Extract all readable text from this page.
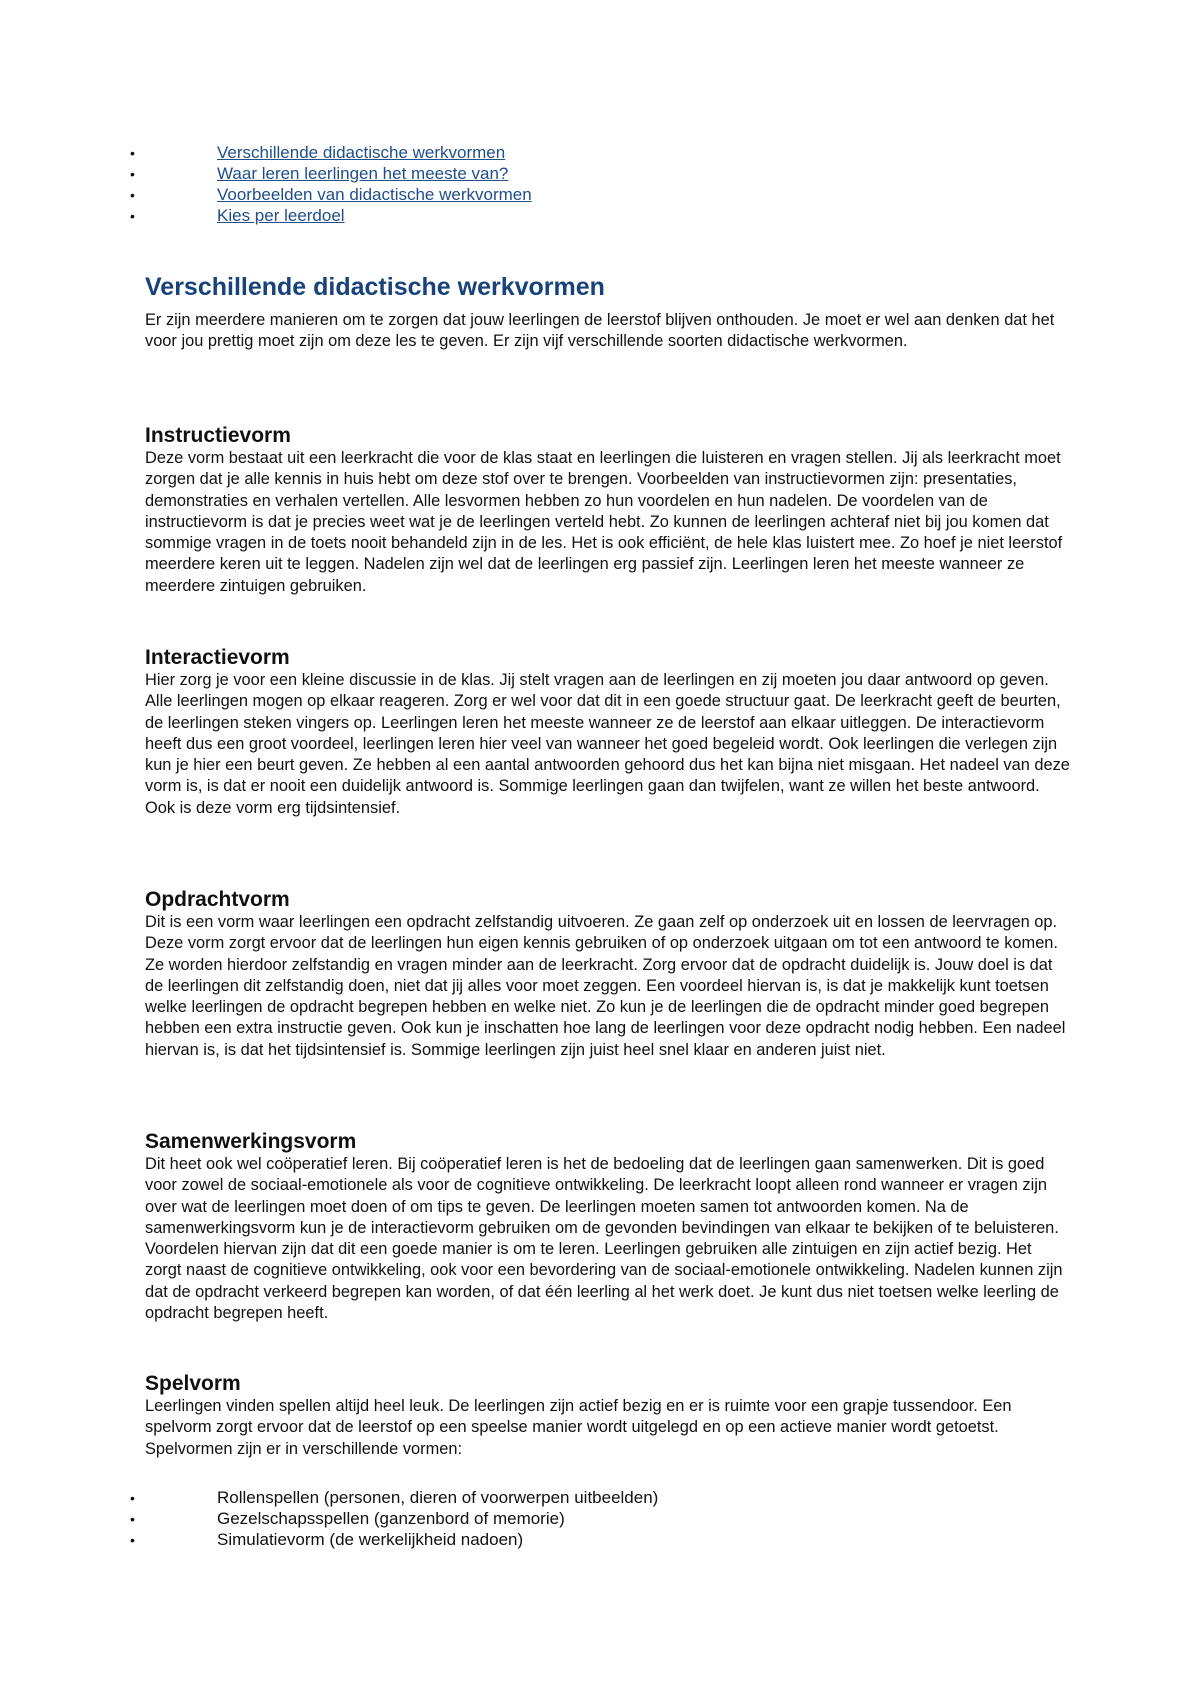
•	Verschillende didactische werkvormen
•	Waar leren leerlingen het meeste van?
•	Voorbeelden van didactische werkvormen
•	Kies per leerdoel
Verschillende didactische werkvormen

Er zijn meerdere manieren om te zorgen dat jouw leerlingen de leerstof blijven onthouden. Je moet er wel aan denken dat het voor jou prettig moet zijn om deze les te geven. Er zijn vijf verschillende soorten didactische werkvormen.

Instructievorm

Deze vorm bestaat uit een leerkracht die voor de klas staat en leerlingen die luisteren en vragen stellen. Jij als leerkracht moet zorgen dat je alle kennis in huis hebt om deze stof over te brengen. Voorbeelden van instructievormen zijn: presentaties, demonstraties en verhalen vertellen. Alle lesvormen hebben zo hun voordelen en hun nadelen. De voordelen van de instructievorm is dat je precies weet wat je de leerlingen verteld hebt. Zo kunnen de leerlingen achteraf niet bij jou komen dat sommige vragen in de toets nooit behandeld zijn in de les. Het is ook efficiënt, de hele klas luistert mee. Zo hoef je niet leerstof meerdere keren uit te leggen. Nadelen zijn wel dat de leerlingen erg passief zijn. Leerlingen leren het meeste wanneer ze meerdere zintuigen gebruiken.

Interactievorm

Hier zorg je voor een kleine discussie in de klas. Jij stelt vragen aan de leerlingen en zij moeten jou daar antwoord op geven. Alle leerlingen mogen op elkaar reageren. Zorg er wel voor dat dit in een goede structuur gaat. De leerkracht geeft de beurten, de leerlingen steken vingers op. Leerlingen leren het meeste wanneer ze de leerstof aan elkaar uitleggen. De interactievorm heeft dus een groot voordeel, leerlingen leren hier veel van wanneer het goed begeleid wordt. Ook leerlingen die verlegen zijn kun je hier een beurt geven. Ze hebben al een aantal antwoorden gehoord dus het kan bijna niet misgaan. Het nadeel van deze vorm is, is dat er nooit een duidelijk antwoord is. Sommige leerlingen gaan dan twijfelen, want ze willen het beste antwoord. Ook is deze vorm erg tijdsintensief.

Opdrachtvorm

Dit is een vorm waar leerlingen een opdracht zelfstandig uitvoeren. Ze gaan zelf op onderzoek uit en lossen de leervragen op. Deze vorm zorgt ervoor dat de leerlingen hun eigen kennis gebruiken of op onderzoek uitgaan om tot een antwoord te komen. Ze worden hierdoor zelfstandig en vragen minder aan de leerkracht. Zorg ervoor dat de opdracht duidelijk is. Jouw doel is dat de leerlingen dit zelfstandig doen, niet dat jij alles voor moet zeggen. Een voordeel hiervan is, is dat je makkelijk kunt toetsen welke leerlingen de opdracht begrepen hebben en welke niet. Zo kun je de leerlingen die de opdracht minder goed begrepen hebben een extra instructie geven. Ook kun je inschatten hoe lang de leerlingen voor deze opdracht nodig hebben. Een nadeel hiervan is, is dat het tijdsintensief is. Sommige leerlingen zijn juist heel snel klaar en anderen juist niet.

Samenwerkingsvorm

Dit heet ook wel coöperatief leren. Bij coöperatief leren is het de bedoeling dat de leerlingen gaan samenwerken. Dit is goed voor zowel de sociaal-emotionele als voor de cognitieve ontwikkeling. De leerkracht loopt alleen rond wanneer er vragen zijn over wat de leerlingen moet doen of om tips te geven. De leerlingen moeten samen tot antwoorden komen. Na de samenwerkingsvorm kun je de interactievorm gebruiken om de gevonden bevindingen van elkaar te bekijken of te beluisteren. Voordelen hiervan zijn dat dit een goede manier is om te leren. Leerlingen gebruiken alle zintuigen en zijn actief bezig. Het zorgt naast de cognitieve ontwikkeling, ook voor een bevordering van de sociaal-emotionele ontwikkeling. Nadelen kunnen zijn dat de opdracht verkeerd begrepen kan worden, of dat één leerling al het werk doet. Je kunt dus niet toetsen welke leerling de opdracht begrepen heeft.

Spelvorm

Leerlingen vinden spellen altijd heel leuk. De leerlingen zijn actief bezig en er is ruimte voor een grapje tussendoor. Een spelvorm zorgt ervoor dat de leerstof op een speelse manier wordt uitgelegd en op een actieve manier wordt getoetst. Spelvormen zijn er in verschillende vormen:

•	Rollenspellen (personen, dieren of voorwerpen uitbeelden)
•	Gezelschapsspellen (ganzenbord of memorie)
•	Simulatievorm (de werkelijkheid nadoen)
